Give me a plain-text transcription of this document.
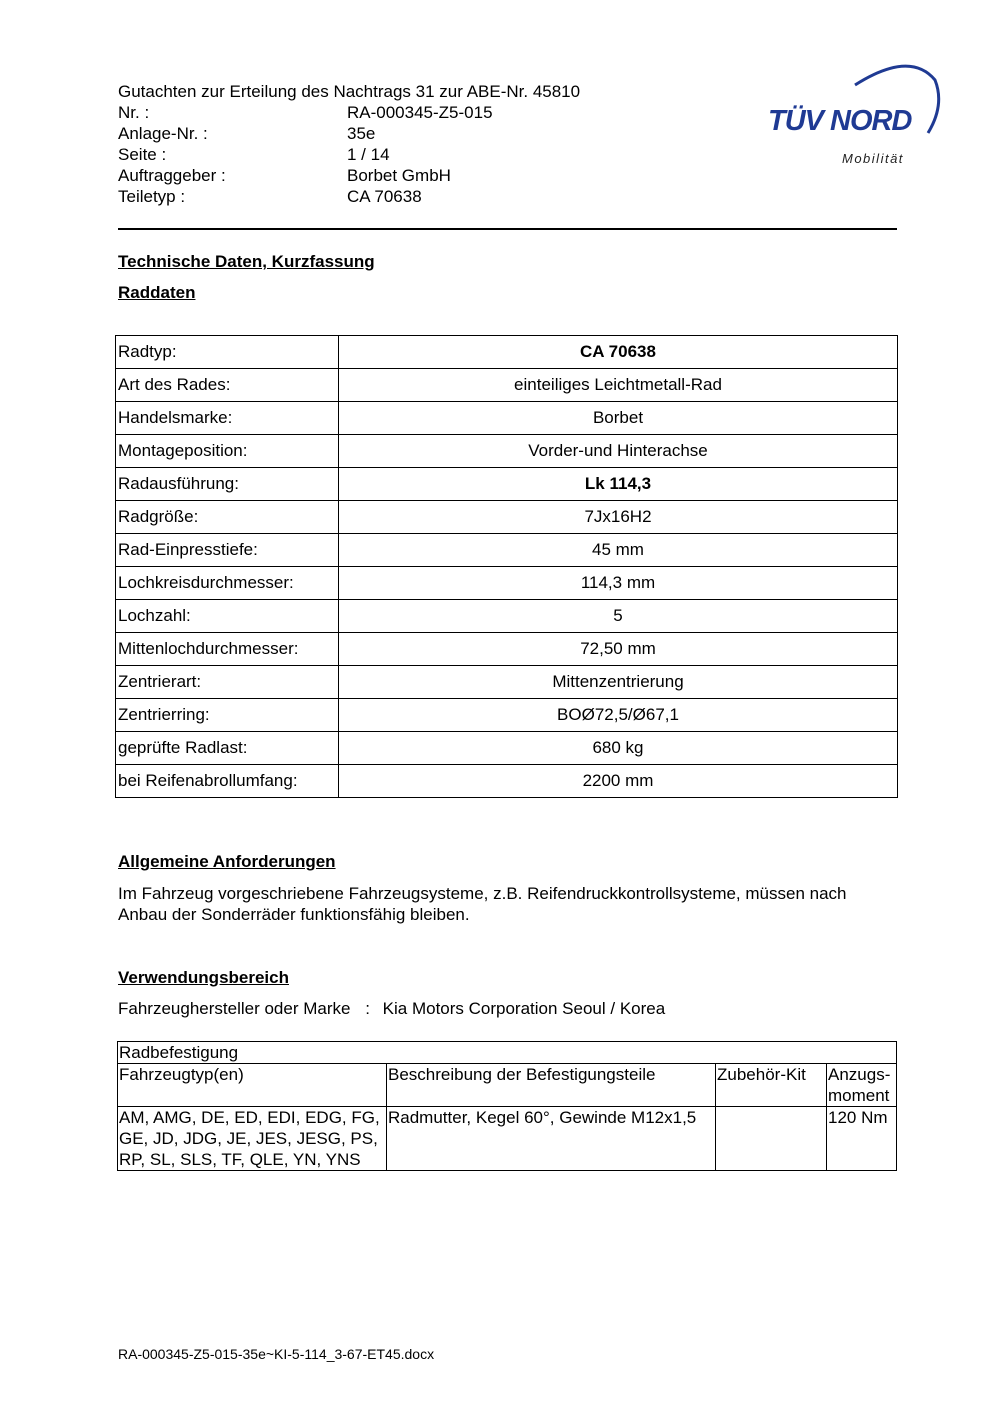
Gutachten zur Erteilung des Nachtrags 31 zur ABE-Nr. 45810
Nr. :	RA-000345-Z5-015
Anlage-Nr. :	35e
Seite :	1 / 14
Auftraggeber :	Borbet GmbH
Teiletyp :	CA 70638
TÜV NORD
Mobilität
Technische Daten, Kurzfassung
Raddaten
Radtyp:	CA 70638
Art des Rades:	einteiliges Leichtmetall-Rad
Handelsmarke:	Borbet
Montageposition:	Vorder-und Hinterachse
Radausführung:	Lk 114,3
Radgröße:	7Jx16H2
Rad-Einpresstiefe:	45 mm
Lochkreisdurchmesser:	114,3 mm
Lochzahl:	5
Mittenlochdurchmesser:	72,50 mm
Zentrierart:	Mittenzentrierung
Zentrierring:	BOØ72,5/Ø67,1
geprüfte Radlast:	680 kg
bei Reifenabrollumfang:	2200 mm
Allgemeine Anforderungen
Im Fahrzeug vorgeschriebene Fahrzeugsysteme, z.B. Reifendruckkontrollsysteme, müssen nach Anbau der Sonderräder funktionsfähig bleiben.
Verwendungsbereich
Fahrzeughersteller oder Marke : Kia Motors Corporation Seoul / Korea
Radbefestigung			
Fahrzeugtyp(en)	Beschreibung der Befestigungsteile	Zubehör-Kit	Anzugs-moment
AM, AMG, DE, ED, EDI, EDG, FG, GE, JD, JDG, JE, JES, JESG, PS, RP, SL, SLS, TF, QLE, YN, YNS	Radmutter, Kegel 60°, Gewinde M12x1,5		120 Nm
RA-000345-Z5-015-35e~KI-5-114_3-67-ET45.docx
